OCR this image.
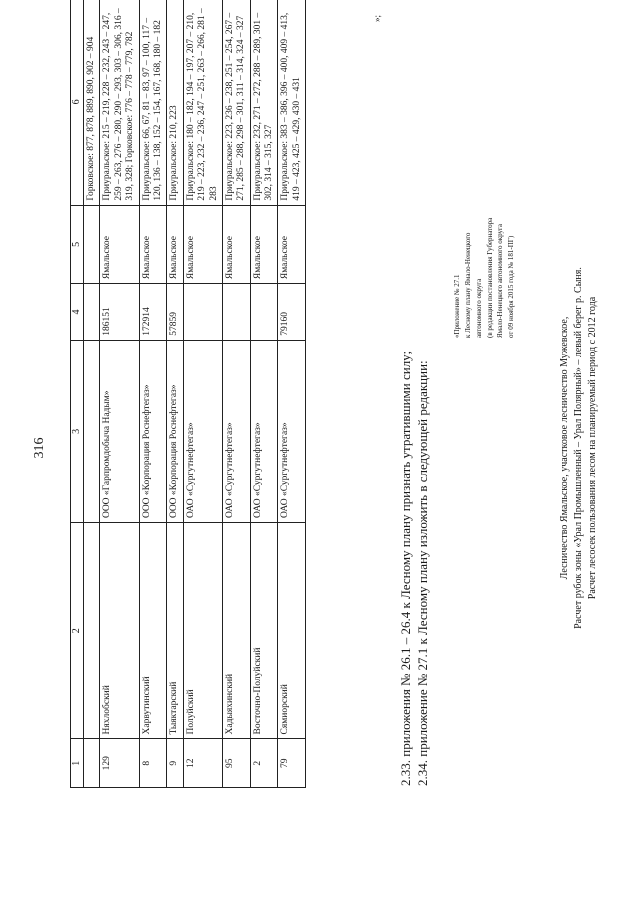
316
1	2	3	4	5	6
					Горковское: 877, 878, 889, 890, 902 – 904
129	Няхлобский	ООО «Гарпромдобыча Надым»	186151	Ямальское	Приуральское: 215 – 219, 228 – 232, 243 – 247, 259 – 263, 276 – 280, 290 – 293, 303 – 306, 316 – 319, 328; Горковское: 776 – 778 – 779, 782
8	Харвутинский	ООО «Корпорация Роснефтегаз»	172914	Ямальское	Приуральское: 66, 67, 81 – 83, 97 – 100, 117 – 120, 136 – 138, 152 – 154, 167, 168, 180 – 182
9	Тыяктарский	ООО «Корпорация Роснефтегаз»	57859	Ямальское	Приуральское: 210, 223
12	Полуйский	ОАО «Сургутнефтегаз»		Ямальское	Приуральское: 180 – 182, 194 – 197, 207 – 210, 219 – 223, 232 – 236, 247 – 251, 263 – 266, 281 – 283
95	Хадыяхинский	ОАО «Сургутнефтегаз»		Ямальское	Приуральское: 223, 236 – 238, 251 – 254, 267 – 271, 285 – 288, 298 – 301, 311 – 314, 324 – 327
2	Восточно-Полуйский	ОАО «Сургутнефтегаз»		Ямальское	Приуральское: 232, 271 – 272, 288 – 289, 301 – 302, 314 – 315, 327
79	Сямиорский	ОАО «Сургутнефтегаз»	79160	Ямальское	Приуральское: 383 – 386, 396 – 400, 409 – 413, 419 – 423, 425 – 429, 430 – 431
2.33. приложения № 26.1 – 26.4 к Лесному плану признать утратившими силу; 2.34. приложение № 27.1 к Лесному плану изложить в следующей редакции:
«Приложение № 27.1 к Лесному плану Ямало-Ненецкого автономного округа (в редакции постановления Губернатора Ямало-Ненецкого автономного округа от 09 ноября 2015 года № 181-ПГ)
Лесничество Ямальское, участковое лесничество Мужевское, Расчет рубок зоны «Урал Промышленный – Урал Полярный» – левый берег р. Сыня. Расчет лесосек пользования лесом на планируемый период с 2012 года
»;
